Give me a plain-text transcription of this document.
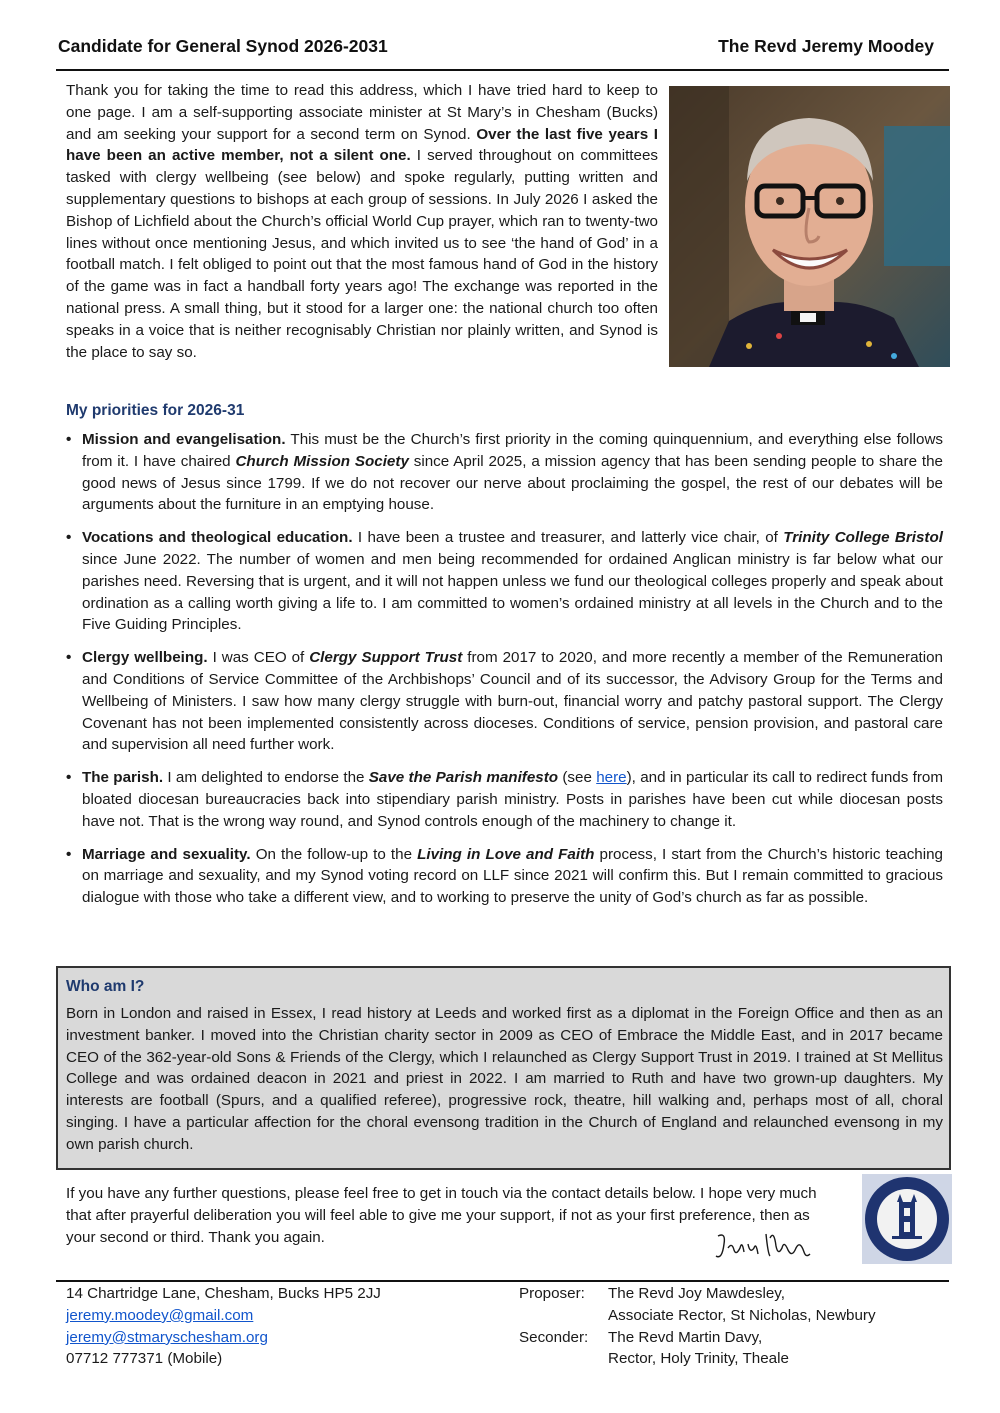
Candidate for General Synod 2026-2031	The Revd Jeremy Moodey
Thank you for taking the time to read this address, which I have tried hard to keep to one page. I am a self-supporting associate minister at St Mary’s in Chesham (Bucks) and am seeking your support for a second term on Synod. Over the last five years I have been an active member, not a silent one. I served throughout on committees tasked with clergy wellbeing (see below) and spoke regularly, putting written and supplementary questions to bishops at each group of sessions. In July 2026 I asked the Bishop of Lichfield about the Church’s official World Cup prayer, which ran to twenty-two lines without once mentioning Jesus, and which invited us to see ‘the hand of God’ in a football match. I felt obliged to point out that the most famous hand of God in the history of the game was in fact a handball forty years ago! The exchange was reported in the national press. A small thing, but it stood for a larger one: the national church too often speaks in a voice that is neither recognisably Christian nor plainly written, and Synod is the place to say so.
My priorities for 2026-31
• Mission and evangelisation. This must be the Church’s first priority in the coming quinquennium, and everything else follows from it. I have chaired Church Mission Society since April 2025, a mission agency that has been sending people to share the good news of Jesus since 1799. If we do not recover our nerve about proclaiming the gospel, the rest of our debates will be arguments about the furniture in an emptying house.
• Vocations and theological education. I have been a trustee and treasurer, and latterly vice chair, of Trinity College Bristol since June 2022. The number of women and men being recommended for ordained Anglican ministry is far below what our parishes need. Reversing that is urgent, and it will not happen unless we fund our theological colleges properly and speak about ordination as a calling worth giving a life to. I am committed to women’s ordained ministry at all levels in the Church and to the Five Guiding Principles.
• Clergy wellbeing. I was CEO of Clergy Support Trust from 2017 to 2020, and more recently a member of the Remuneration and Conditions of Service Committee of the Archbishops’ Council and of its successor, the Advisory Group for the Terms and Wellbeing of Ministers. I saw how many clergy struggle with burn-out, financial worry and patchy pastoral support. The Clergy Covenant has not been implemented consistently across dioceses. Conditions of service, pension provision, and pastoral care and supervision all need further work.
• The parish. I am delighted to endorse the Save the Parish manifesto (see here), and in particular its call to redirect funds from bloated diocesan bureaucracies back into stipendiary parish ministry. Posts in parishes have been cut while diocesan posts have not. That is the wrong way round, and Synod controls enough of the machinery to change it.
• Marriage and sexuality. On the follow-up to the Living in Love and Faith process, I start from the Church’s historic teaching on marriage and sexuality, and my Synod voting record on LLF since 2021 will confirm this. But I remain committed to gracious dialogue with those who take a different view, and to working to preserve the unity of God’s church as far as possible.
Who am I?
Born in London and raised in Essex, I read history at Leeds and worked first as a diplomat in the Foreign Office and then as an investment banker. I moved into the Christian charity sector in 2009 as CEO of Embrace the Middle East, and in 2017 became CEO of the 362-year-old Sons & Friends of the Clergy, which I relaunched as Clergy Support Trust in 2019. I trained at St Mellitus College and was ordained deacon in 2021 and priest in 2022. I am married to Ruth and have two grown-up daughters. My interests are football (Spurs, and a qualified referee), progressive rock, theatre, hill walking and, perhaps most of all, choral singing. I have a particular affection for the choral evensong tradition in the Church of England and relaunched evensong in my own parish church.
If you have any further questions, please feel free to get in touch via the contact details below. I hope very much that after prayerful deliberation you will feel able to give me your support, if not as your first preference, then as your second or third. Thank you again.
14 Chartridge Lane, Chesham, Bucks HP5 2JJ
jeremy.moodey@gmail.com
jeremy@stmaryschesham.org
07712 777371 (Mobile)
Proposer:	The Revd Joy Mawdesley,
Associate Rector, St Nicholas, Newbury
Seconder:	The Revd Martin Davy,
Rector, Holy Trinity, Theale
